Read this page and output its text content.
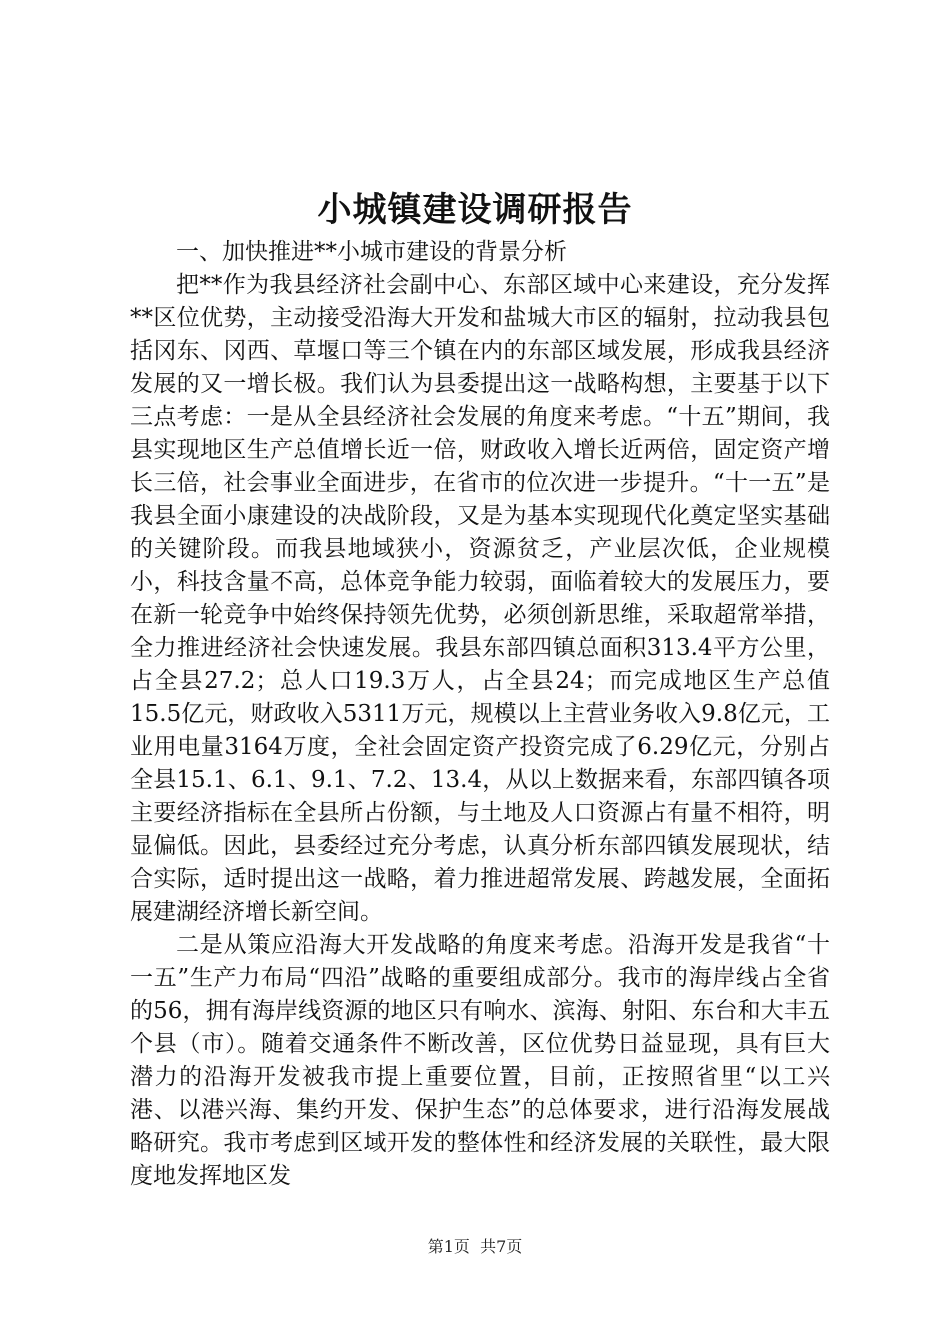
小城镇建设调研报告

一、加快推进**小城市建设的背景分析

把**作为我县经济社会副中心、东部区域中心来建设，充分发挥**区位优势，主动接受沿海大开发和盐城大市区的辐射，拉动我县包括冈东、冈西、草堰口等三个镇在内的东部区域发展，形成我县经济发展的又一增长极。我们认为县委提出这一战略构想，主要基于以下三点考虑：一是从全县经济社会发展的角度来考虑。“十五”期间，我县实现地区生产总值增长近一倍，财政收入增长近两倍，固定资产增长三倍，社会事业全面进步，在省市的位次进一步提升。“十一五”是我县全面小康建设的决战阶段，又是为基本实现现代化奠定坚实基础的关键阶段。而我县地域狭小，资源贫乏，产业层次低，企业规模小，科技含量不高，总体竞争能力较弱，面临着较大的发展压力，要在新一轮竞争中始终保持领先优势，必须创新思维，采取超常举措，全力推进经济社会快速发展。我县东部四镇总面积313.4平方公里，占全县27.2；总人口19.3万人，占全县24；而完成地区生产总值15.5亿元，财政收入5311万元，规模以上主营业务收入9.8亿元，工业用电量3164万度，全社会固定资产投资完成了6.29亿元，分别占全县15.1、6.1、9.1、7.2、13.4，从以上数据来看，东部四镇各项主要经济指标在全县所占份额，与土地及人口资源占有量不相符，明显偏低。因此，县委经过充分考虑，认真分析东部四镇发展现状，结合实际，适时提出这一战略，着力推进超常发展、跨越发展，全面拓展建湖经济增长新空间。

二是从策应沿海大开发战略的角度来考虑。沿海开发是我省“十一五”生产力布局“四沿”战略的重要组成部分。我市的海岸线占全省的56，拥有海岸线资源的地区只有响水、滨海、射阳、东台和大丰五个县（市）。随着交通条件不断改善，区位优势日益显现，具有巨大潜力的沿海开发被我市提上重要位置，目前，正按照省里“以工兴港、以港兴海、集约开发、保护生态”的总体要求，进行沿海发展战略研究。我市考虑到区域开发的整体性和经济发展的关联性，最大限度地发挥地区发

第1页  共7页
